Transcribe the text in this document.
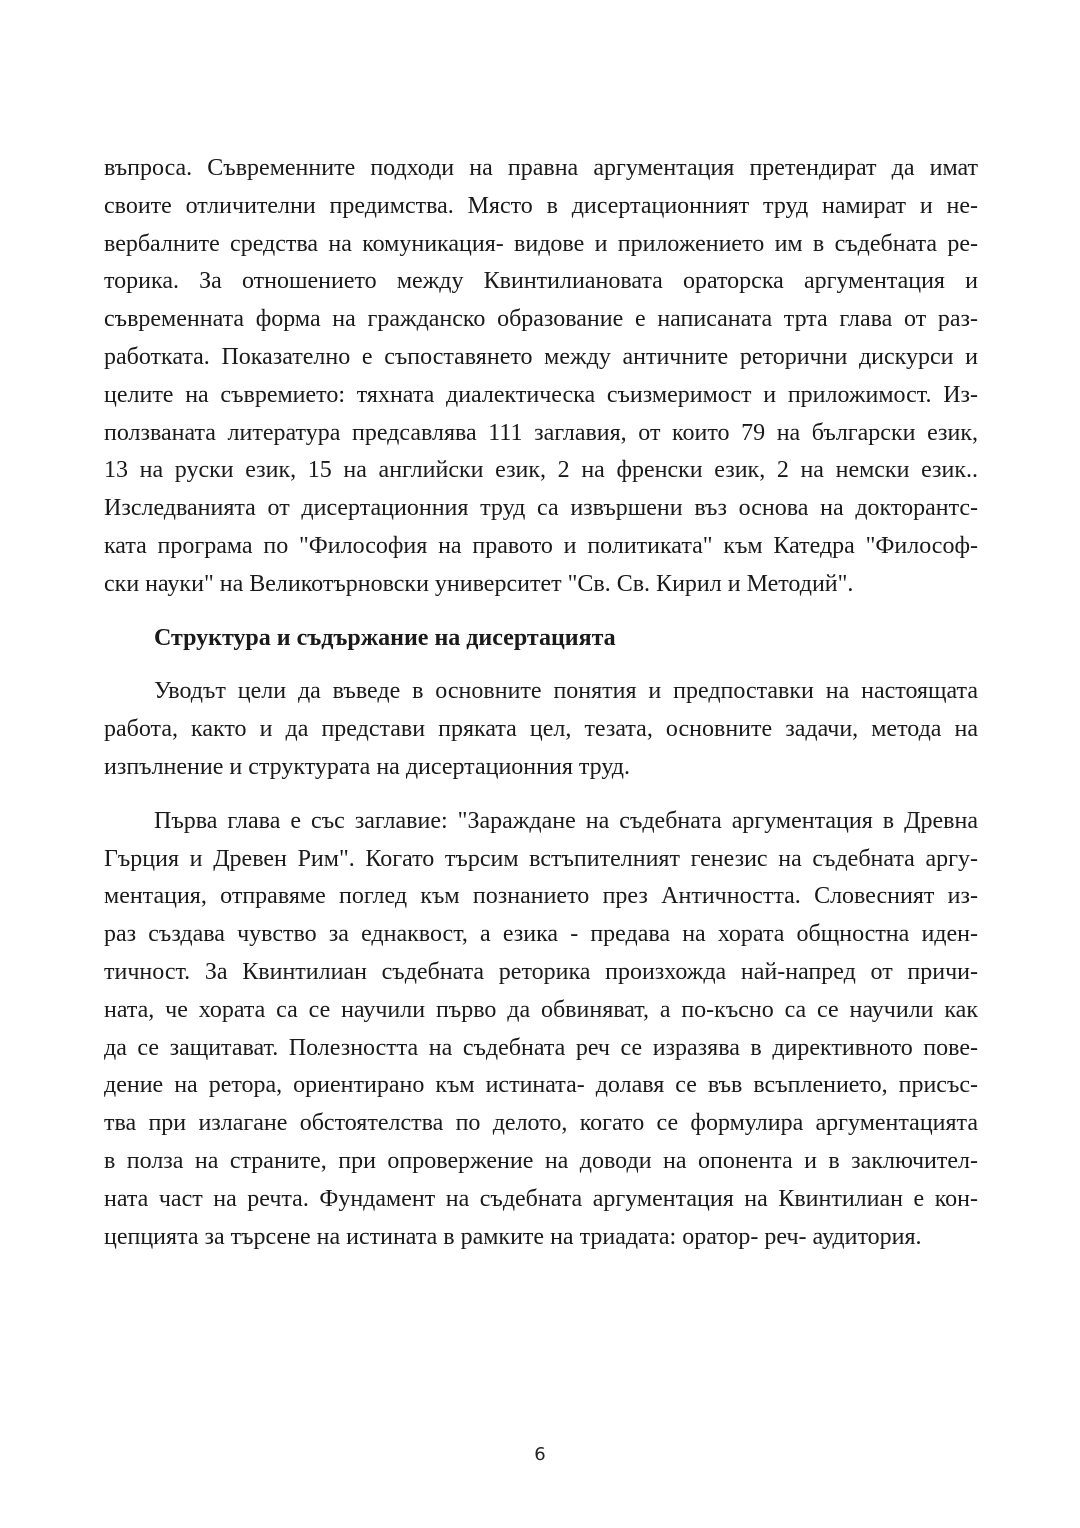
въпроса. Съвременните подходи на правна аргументация претендират да имат
своите отличителни предимства. Място в дисертационният труд намират и не-
вербалните средства на комуникация- видове и приложението им в съдебната ре-
торика. За отношението между Квинтилиановата ораторска аргументация и
съвременната форма на гражданско образование е написаната трта глава от раз-
работката. Показателно е съпоставянето между античните реторични дискурси и
целите на съвремието: тяхната диалектическа съизмеримост и приложимост. Из-
ползваната литература предсавлява 111 заглавия, от които 79 на български език,
13 на руски език, 15 на английски език, 2 на френски език, 2 на немски език..
Изследванията от дисертационния труд са извършени въз основа на докторантс-
ката програма по "Философия на правото и политиката" към Катедра "Философ-
ски науки" на Великотърновски университет "Св. Св. Кирил и Методий".
Структура и съдържание на дисертацията
Уводът цели да въведе в основните понятия и предпоставки на настоящата
работа, както и да представи пряката цел, тезата, основните задачи, метода на
изпълнение и структурата на дисертационния труд.
Първа глава е със заглавие: "Зараждане на съдебната аргументация в Древна
Гърция и Древен Рим". Когато търсим встъпителният генезис на съдебната аргу-
ментация, отправяме поглед към познанието през Античността. Словесният из-
раз създава чувство за еднаквост, а езика - предава на хората общностна иден-
тичност. За Квинтилиан съдебната реторика произхожда най-напред от причи-
ната, че хората са се научили първо да обвиняват, а по-късно са се научили как
да се защитават. Полезността на съдебната реч се изразява в директивното пове-
дение на ретора, ориентирано към истината- долавя се във всъплението, присъс-
тва при излагане обстоятелства по делото, когато се формулира аргументацията
в полза на страните, при опровержение на доводи на опонента и в заключител-
ната част на речта. Фундамент на съдебната аргументация на Квинтилиан е кон-
цепцията за търсене на истината в рамките на триадата: оратор- реч- аудитория.
6
